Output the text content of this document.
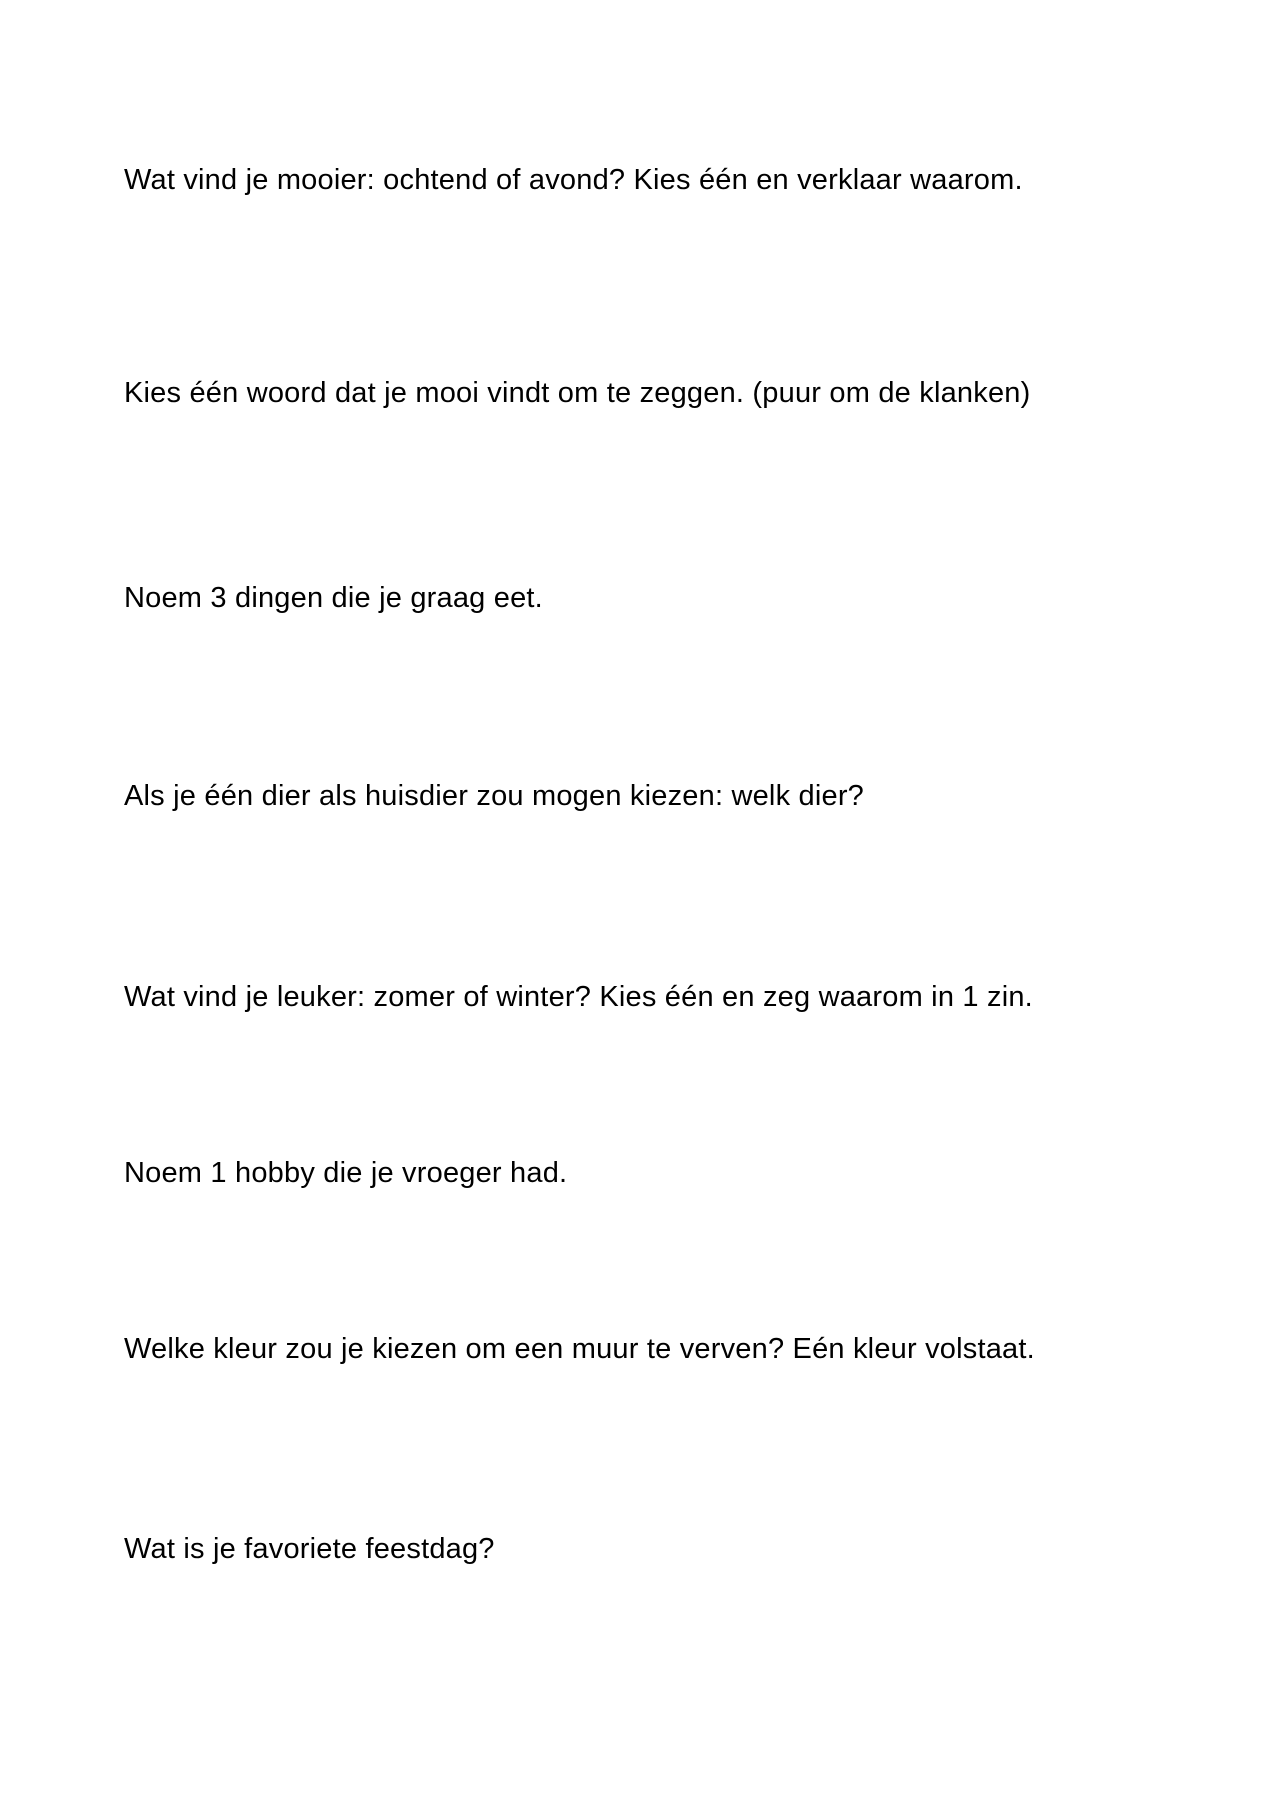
Wat vind je mooier: ochtend of avond? Kies één en verklaar waarom.
Kies één woord dat je mooi vindt om te zeggen. (puur om de klanken)
Noem 3 dingen die je graag eet.
Als je één dier als huisdier zou mogen kiezen: welk dier?
Wat vind je leuker: zomer of winter? Kies één en zeg waarom in 1 zin.
Noem 1 hobby die je vroeger had.
Welke kleur zou je kiezen om een muur te verven? Eén kleur volstaat.
Wat is je favoriete feestdag?
